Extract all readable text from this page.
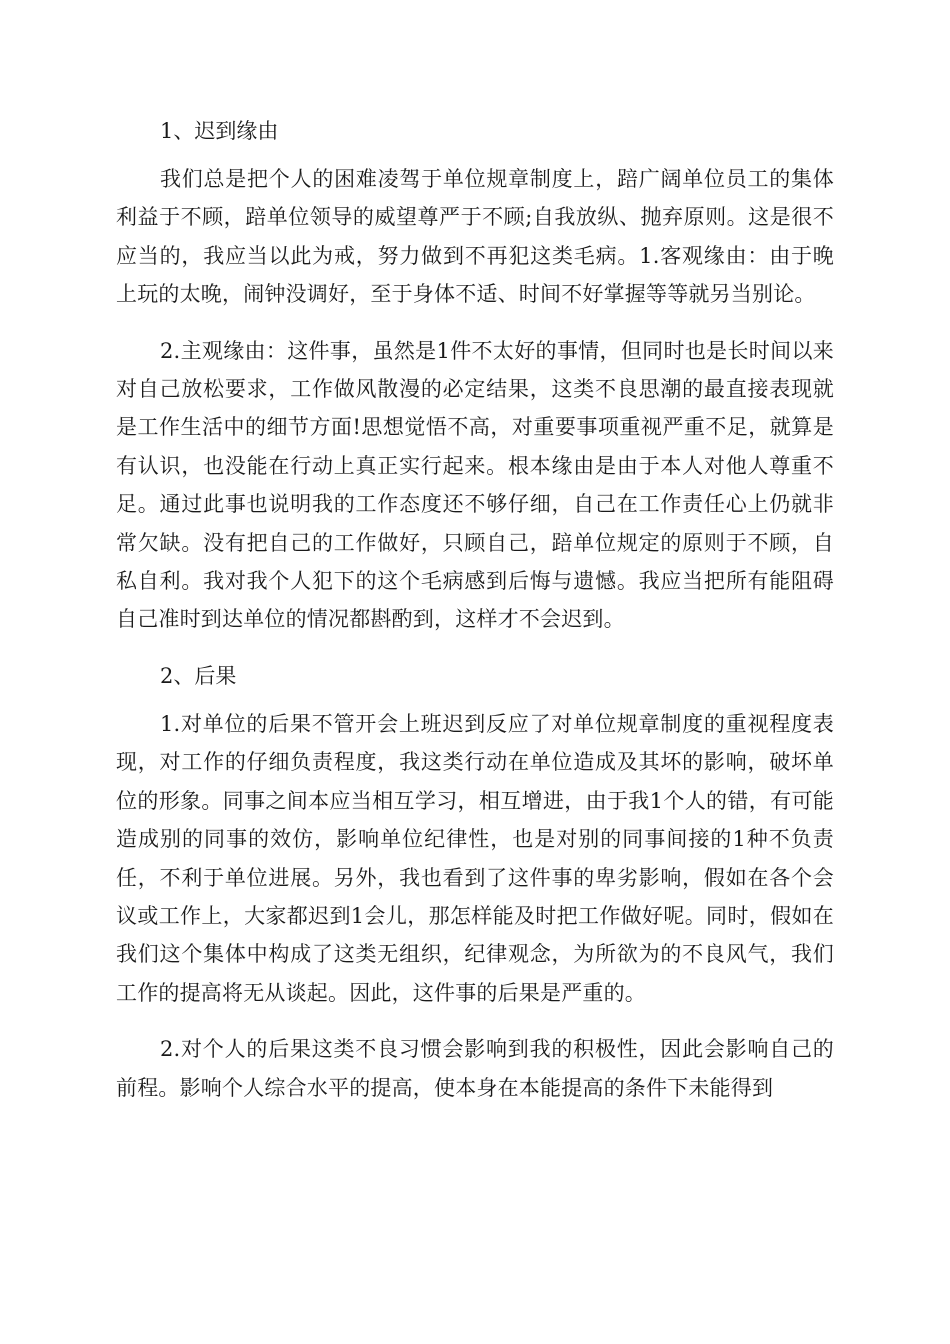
1、迟到缘由

我们总是把个人的困难凌驾于单位规章制度上，踣广阔单位员工的集体利益于不顾，踣单位领导的威望尊严于不顾;自我放纵、抛弃原则。这是很不应当的，我应当以此为戒，努力做到不再犯这类毛病。1.客观缘由：由于晚上玩的太晚，闹钟没调好，至于身体不适、时间不好掌握等等就另当别论。

2.主观缘由：这件事，虽然是1件不太好的事情，但同时也是长时间以来对自己放松要求，工作做风散漫的必定结果，这类不良思潮的最直接表现就是工作生活中的细节方面!思想觉悟不高，对重要事项重视严重不足，就算是有认识，也没能在行动上真正实行起来。根本缘由是由于本人对他人尊重不足。通过此事也说明我的工作态度还不够仔细，自己在工作责任心上仍就非常欠缺。没有把自己的工作做好，只顾自己，踣单位规定的原则于不顾，自私自利。我对我个人犯下的这个毛病感到后悔与遗憾。我应当把所有能阻碍自己准时到达单位的情况都斟酌到，这样才不会迟到。

2、后果

1.对单位的后果不管开会上班迟到反应了对单位规章制度的重视程度表现，对工作的仔细负责程度，我这类行动在单位造成及其坏的影响，破坏单位的形象。同事之间本应当相互学习，相互增进，由于我1个人的错，有可能造成别的同事的效仿，影响单位纪律性，也是对别的同事间接的1种不负责任，不利于单位进展。另外，我也看到了这件事的卑劣影响，假如在各个会议或工作上，大家都迟到1会儿，那怎样能及时把工作做好呢。同时，假如在我们这个集体中构成了这类无组织，纪律观念，为所欲为的不良风气，我们工作的提高将无从谈起。因此，这件事的后果是严重的。

2.对个人的后果这类不良习惯会影响到我的积极性，因此会影响自己的前程。影响个人综合水平的提高，使本身在本能提高的条件下未能得到
